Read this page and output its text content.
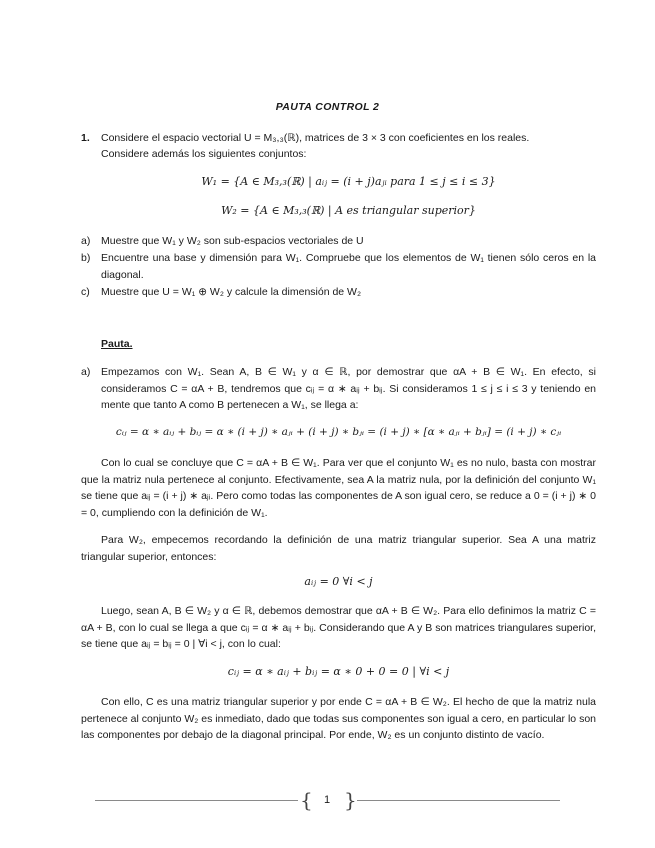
PAUTA CONTROL 2
1. Considere el espacio vectorial U = M₃,₃(ℝ), matrices de 3 × 3 con coeficientes en los reales.
Considere además los siguientes conjuntos:
W₁ = {A ∈ M₃,₃(ℝ) | aᵢⱼ = (i + j)aⱼᵢ para 1 ≤ j ≤ i ≤ 3}
W₂ = {A ∈ M₃,₃(ℝ) | A es triangular superior}
a) Muestre que W₁ y W₂ son sub-espacios vectoriales de U
b) Encuentre una base y dimensión para W₁. Compruebe que los elementos de W₁ tienen sólo ceros en la diagonal.
c) Muestre que U = W₁ ⊕ W₂ y calcule la dimensión de W₂
Pauta.
a) Empezamos con W₁. Sean A, B ∈ W₁ y α ∈ ℝ, por demostrar que αA + B ∈ W₁. En efecto, si consideramos C = αA + B, tendremos que cᵢⱼ = α ∗ aᵢⱼ + bᵢⱼ. Si consideramos 1 ≤ j ≤ i ≤ 3 y teniendo en mente que tanto A como B pertenecen a W₁, se llega a:
cᵢⱼ = α ∗ aᵢⱼ + bᵢⱼ = α ∗ (i + j) ∗ aⱼᵢ + (i + j) ∗ bⱼᵢ = (i + j) ∗ [α ∗ aⱼᵢ + bⱼᵢ] = (i + j) ∗ cⱼᵢ
Con lo cual se concluye que C = αA + B ∈ W₁. Para ver que el conjunto W₁ es no nulo, basta con mostrar que la matriz nula pertenece al conjunto. Efectivamente, sea A la matriz nula, por la definición del conjunto W₁ se tiene que aᵢⱼ = (i + j) ∗ aⱼᵢ. Pero como todas las componentes de A son igual cero, se reduce a 0 = (i + j) ∗ 0 = 0, cumpliendo con la definición de W₁.
Para W₂, empecemos recordando la definición de una matriz triangular superior. Sea A una matriz triangular superior, entonces:
aᵢⱼ = 0 ∀i < j
Luego, sean A, B ∈ W₂ y α ∈ ℝ, debemos demostrar que αA + B ∈ W₂. Para ello definimos la matriz C = αA + B, con lo cual se llega a que cᵢⱼ = α ∗ aᵢⱼ + bᵢⱼ. Considerando que A y B son matrices triangulares superior, se tiene que aᵢⱼ = bᵢⱼ = 0 | ∀i < j, con lo cual:
cᵢⱼ = α ∗ aᵢⱼ + bᵢⱼ = α ∗ 0 + 0 = 0 | ∀i < j
Con ello, C es una matriz triangular superior y por ende C = αA + B ∈ W₂. El hecho de que la matriz nula pertenece al conjunto W₂ es inmediato, dado que todas sus componentes son igual a cero, en particular lo son las componentes por debajo de la diagonal principal. Por ende, W₂ es un conjunto distinto de vacío.
{	1 }
